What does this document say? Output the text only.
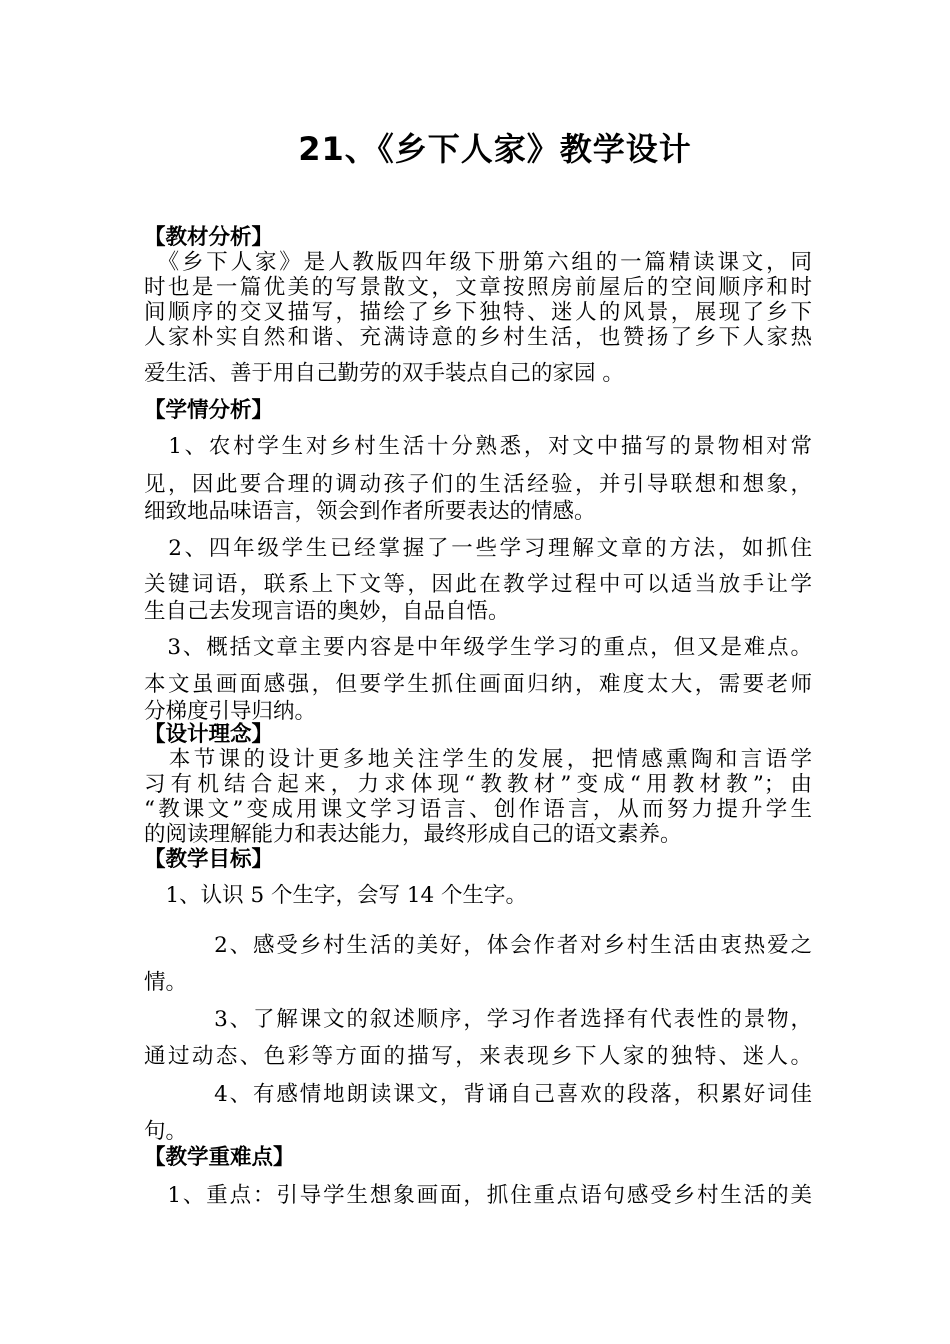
21、《乡下人家》教学设计
【教材分析】
　《乡下人家》是人教版四年级下册第六组的一篇精读课文，同
时也是一篇优美的写景散文，文章按照房前屋后的空间顺序和时
间顺序的交叉描写，描绘了乡下独特、迷人的风景，展现了乡下
人家朴实自然和谐、充满诗意的乡村生活，也赞扬了乡下人家热
爱生活、善于用自己勤劳的双手装点自己的家园 。
【学情分析】
　1、农村学生对乡村生活十分熟悉，对文中描写的景物相对常
见，因此要合理的调动孩子们的生活经验，并引导联想和想象，
细致地品味语言，领会到作者所要表达的情感。
　2、四年级学生已经掌握了一些学习理解文章的方法，如抓住
关键词语，联系上下文等，因此在教学过程中可以适当放手让学
生自己去发现言语的奥妙，自品自悟。
　3、概括文章主要内容是中年级学生学习的重点，但又是难点。
本文虽画面感强，但要学生抓住画面归纳，难度太大，需要老师
分梯度引导归纳。
【设计理念】
　本节课的设计更多地关注学生的发展，把情感熏陶和言语学
习有机结合起来，力求体现“教教材”变成“用教材教”；由
“教课文”变成用课文学习语言、创作语言，从而努力提升学生
的阅读理解能力和表达能力，最终形成自己的语文素养。
【教学目标】
　1、认识 5 个生字，会写 14 个生字。
　　　2、感受乡村生活的美好，体会作者对乡村生活由衷热爱之
情。
　　　3、了解课文的叙述顺序，学习作者选择有代表性的景物，
通过动态、色彩等方面的描写，来表现乡下人家的独特、迷人。
　　　4、有感情地朗读课文，背诵自己喜欢的段落，积累好词佳
句。
【教学重难点】
　1、重点：引导学生想象画面，抓住重点语句感受乡村生活的美
